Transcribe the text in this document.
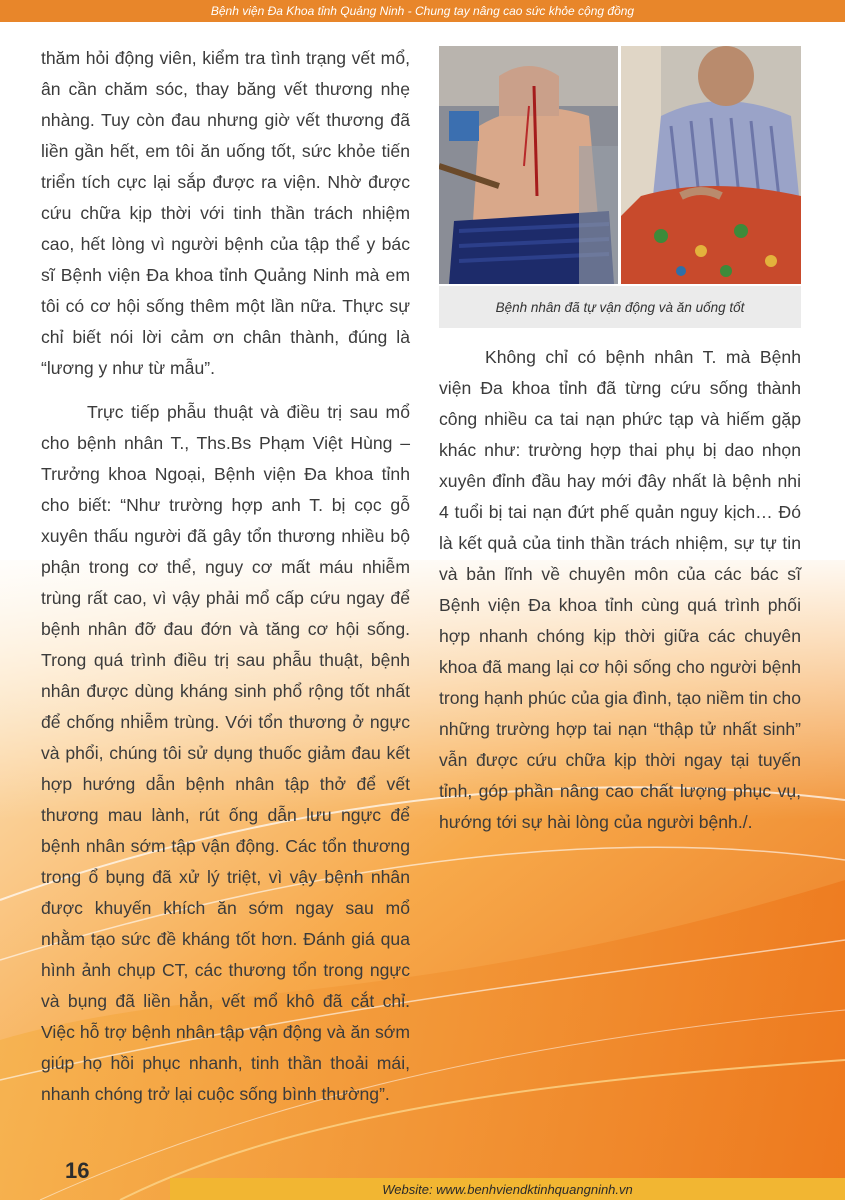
Bệnh viện Đa Khoa tỉnh Quảng Ninh - Chung tay nâng cao sức khỏe cộng đồng

thăm hỏi động viên, kiểm tra tình trạng vết mổ, ân cần chăm sóc, thay băng vết thương nhẹ nhàng. Tuy còn đau nhưng giờ vết thương đã liền gần hết, em tôi ăn uống tốt, sức khỏe tiến triển tích cực lại sắp được ra viện. Nhờ được cứu chữa kịp thời với tinh thần trách nhiệm cao, hết lòng vì người bệnh của tập thể y bác sĩ Bệnh viện Đa khoa tỉnh Quảng Ninh mà em tôi có cơ hội sống thêm một lần nữa. Thực sự chỉ biết nói lời cảm ơn chân thành, đúng là “lương y như từ mẫu”.

Trực tiếp phẫu thuật và điều trị sau mổ cho bệnh nhân T., Ths.Bs Phạm Việt Hùng – Trưởng khoa Ngoại, Bệnh viện Đa khoa tỉnh cho biết: “Như trường hợp anh T. bị cọc gỗ xuyên thấu người đã gây tổn thương nhiều bộ phận trong cơ thể, nguy cơ mất máu nhiễm trùng rất cao, vì vậy phải mổ cấp cứu ngay để bệnh nhân đỡ đau đớn và tăng cơ hội sống. Trong quá trình điều trị sau phẫu thuật, bệnh nhân được dùng kháng sinh phổ rộng tốt nhất để chống nhiễm trùng. Với tổn thương ở ngực và phổi, chúng tôi sử dụng thuốc giảm đau kết hợp hướng dẫn bệnh nhân tập thở để vết thương mau lành, rút ống dẫn lưu ngực để bệnh nhân sớm tập vận động. Các tổn thương trong ổ bụng đã xử lý triệt, vì vậy bệnh nhân được khuyến khích ăn sớm ngay sau mổ nhằm tạo sức đề kháng tốt hơn. Đánh giá qua hình ảnh chụp CT, các thương tổn trong ngực và bụng đã liền hẳn, vết mổ khô đã cắt chỉ. Việc hỗ trợ bệnh nhân tập vận động và ăn sớm giúp họ hồi phục nhanh, tinh thần thoải mái, nhanh chóng trở lại cuộc sống bình thường”.

Bệnh nhân đã tự vận động và ăn uống tốt

Không chỉ có bệnh nhân T. mà Bệnh viện Đa khoa tỉnh đã từng cứu sống thành công nhiều ca tai nạn phức tạp và hiếm gặp khác như: trường hợp thai phụ bị dao nhọn xuyên đỉnh đầu hay mới đây nhất là bệnh nhi 4 tuổi bị tai nạn đứt phế quản nguy kịch… Đó là kết quả của tinh thần trách nhiệm, sự tự tin và bản lĩnh về chuyên môn của các bác sĩ Bệnh viện Đa khoa tỉnh cùng quá trình phối hợp nhanh chóng kịp thời giữa các chuyên khoa đã mang lại cơ hội sống cho người bệnh trong hạnh phúc của gia đình, tạo niềm tin cho những trường hợp tai nạn “thập tử nhất sinh” vẫn được cứu chữa kịp thời ngay tại tuyến tỉnh, góp phần nâng cao chất lượng phục vụ, hướng tới sự hài lòng của người bệnh./.

16
Website: www.benhviendktinhquangninh.vn
